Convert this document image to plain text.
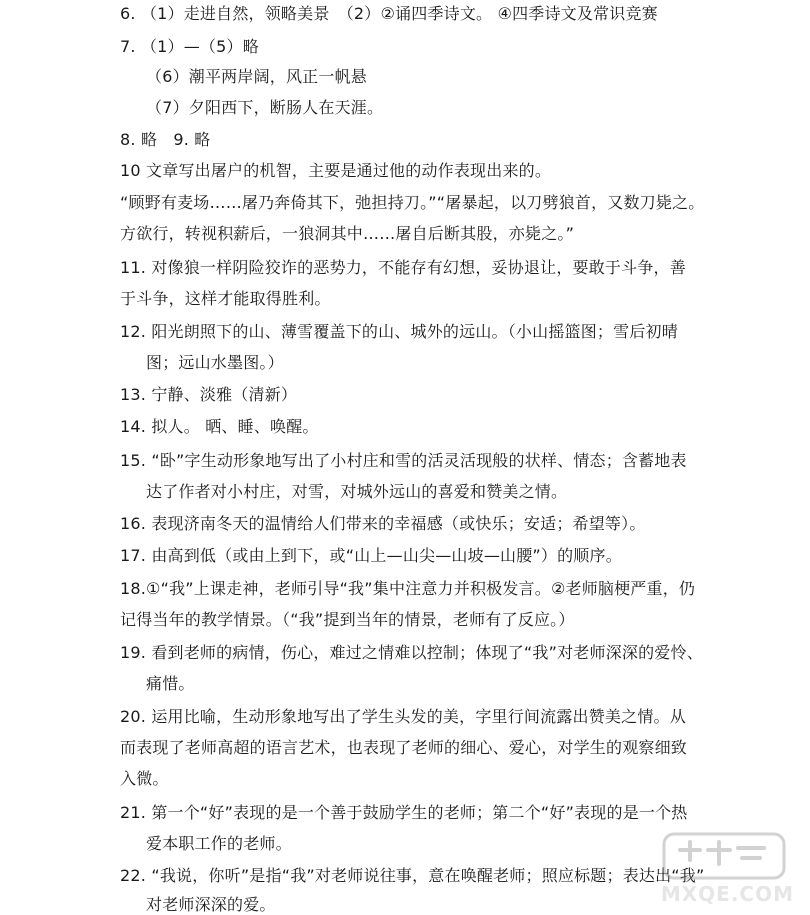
6. （1）走进自然，领略美景　（2）②诵四季诗文。 ④四季诗文及常识竞赛
7. （1）—（5）略
（6）潮平两岸阔，风正一帆悬
（7）夕阳西下，断肠人在天涯。
8. 略　9. 略
10 文章写出屠户的机智，主要是通过他的动作表现出来的。
“顾野有麦场……屠乃奔倚其下，弛担持刀。”“屠暴起，以刀劈狼首，又数刀毙之。
方欲行，转视积薪后，一狼洞其中……屠自后断其股，亦毙之。”
11. 对像狼一样阴险狡诈的恶势力，不能存有幻想，妥协退让，要敢于斗争，善
于斗争，这样才能取得胜利。
12. 阳光朗照下的山、薄雪覆盖下的山、城外的远山。（小山摇篮图；雪后初晴
图；远山水墨图。）
13. 宁静、淡雅（清新）
14. 拟人。 晒、睡、唤醒。
15. “卧”字生动形象地写出了小村庄和雪的活灵活现般的状样、情态；含蓄地表
达了作者对小村庄，对雪，对城外远山的喜爱和赞美之情。
16. 表现济南冬天的温情给人们带来的幸福感（或快乐；安适；希望等）。
17. 由高到低（或由上到下，或“山上—山尖—山坡—山腰”）的顺序。
18.①“我”上课走神，老师引导“我”集中注意力并积极发言。②老师脑梗严重，仍
记得当年的教学情景。（“我”提到当年的情景，老师有了反应。）
19. 看到老师的病情，伤心，难过之情难以控制；体现了“我”对老师深深的爱怜、
痛惜。
20. 运用比喻，生动形象地写出了学生头发的美，字里行间流露出赞美之情。从
而表现了老师高超的语言艺术，也表现了老师的细心、爱心，对学生的观察细致
入微。
21. 第一个“好”表现的是一个善于鼓励学生的老师；第二个“好”表现的是一个热
爱本职工作的老师。
22. “我说，你听”是指“我”对老师说往事，意在唤醒老师；照应标题；表达出“我”
对老师深深的爱。	MXQE.COM
